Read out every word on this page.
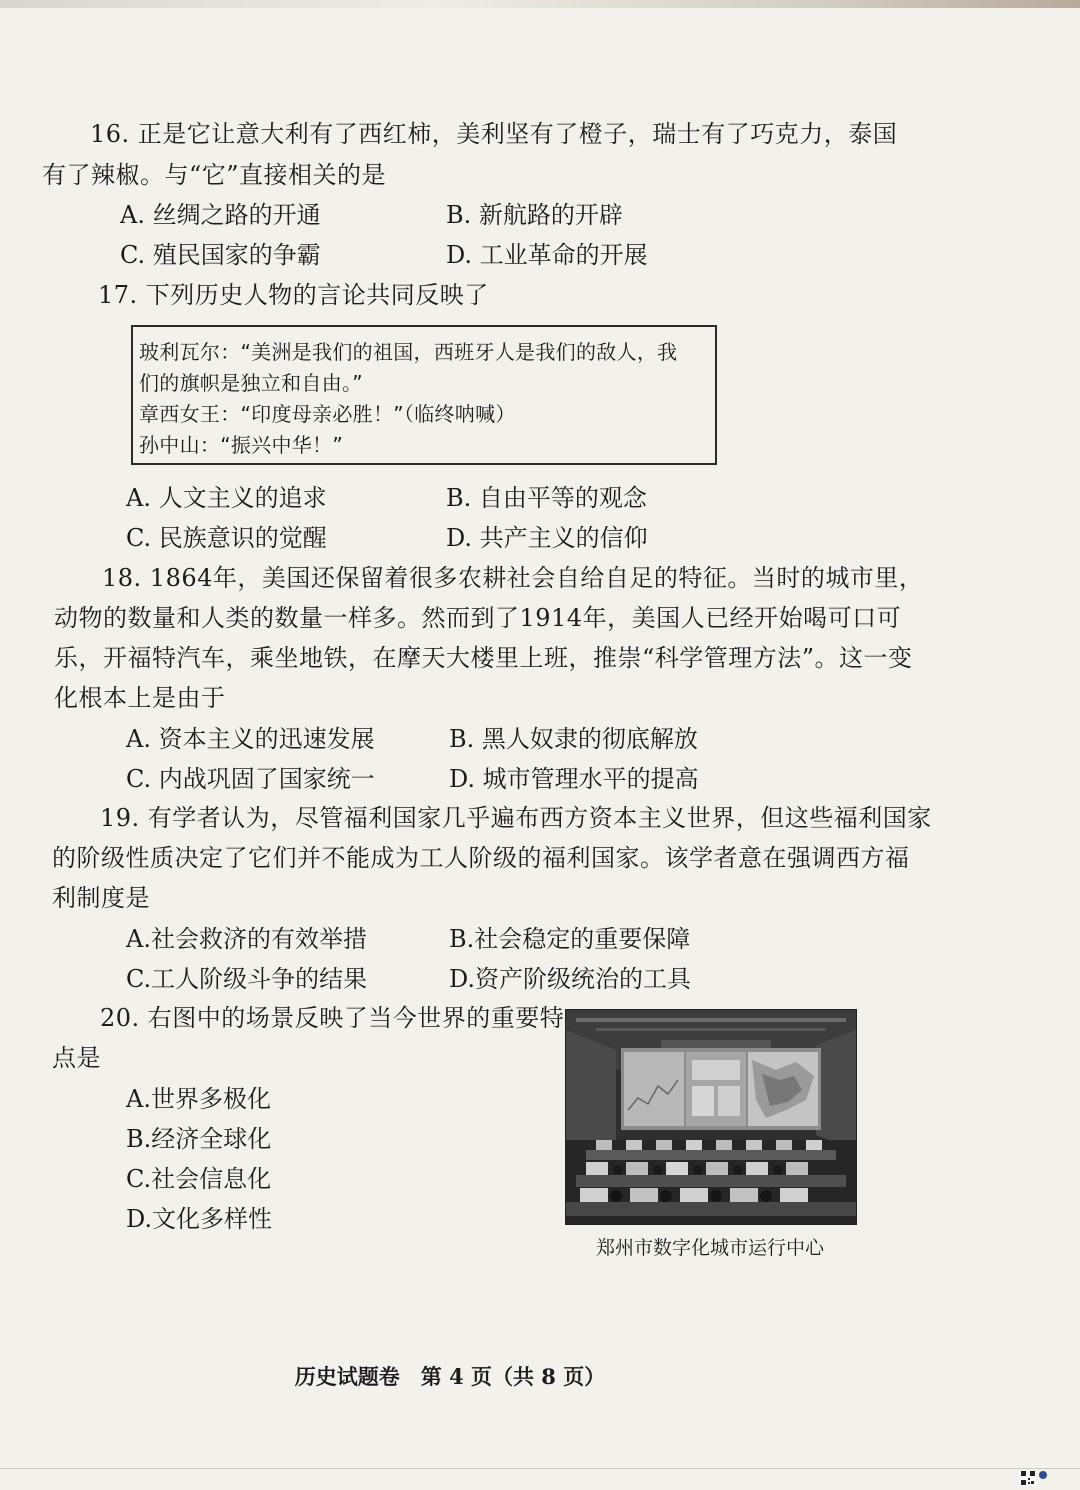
16. 正是它让意大利有了西红柿，美利坚有了橙子，瑞士有了巧克力，泰国
有了辣椒。与“它”直接相关的是
A. 丝绸之路的开通	B. 新航路的开辟
C. 殖民国家的争霸	D. 工业革命的开展
17. 下列历史人物的言论共同反映了
玻利瓦尔：“美洲是我们的祖国，西班牙人是我们的敌人，我
们的旗帜是独立和自由。”
章西女王：“印度母亲必胜！”（临终呐喊）
孙中山：“振兴中华！”
A. 人文主义的追求	B. 自由平等的观念
C. 民族意识的觉醒	D. 共产主义的信仰
18. 1864年，美国还保留着很多农耕社会自给自足的特征。当时的城市里，
动物的数量和人类的数量一样多。然而到了1914年，美国人已经开始喝可口可
乐，开福特汽车，乘坐地铁，在摩天大楼里上班，推崇“科学管理方法”。这一变
化根本上是由于
A. 资本主义的迅速发展	B. 黑人奴隶的彻底解放
C. 内战巩固了国家统一	D. 城市管理水平的提高
19. 有学者认为，尽管福利国家几乎遍布西方资本主义世界，但这些福利国家
的阶级性质决定了它们并不能成为工人阶级的福利国家。该学者意在强调西方福
利制度是
A.社会救济的有效举措	B.社会稳定的重要保障
C.工人阶级斗争的结果	D.资产阶级统治的工具
20. 右图中的场景反映了当今世界的重要特
点是
A.世界多极化
B.经济全球化
C.社会信息化
D.文化多样性
郑州市数字化城市运行中心
历史试题卷　第 4 页（共 8 页）
